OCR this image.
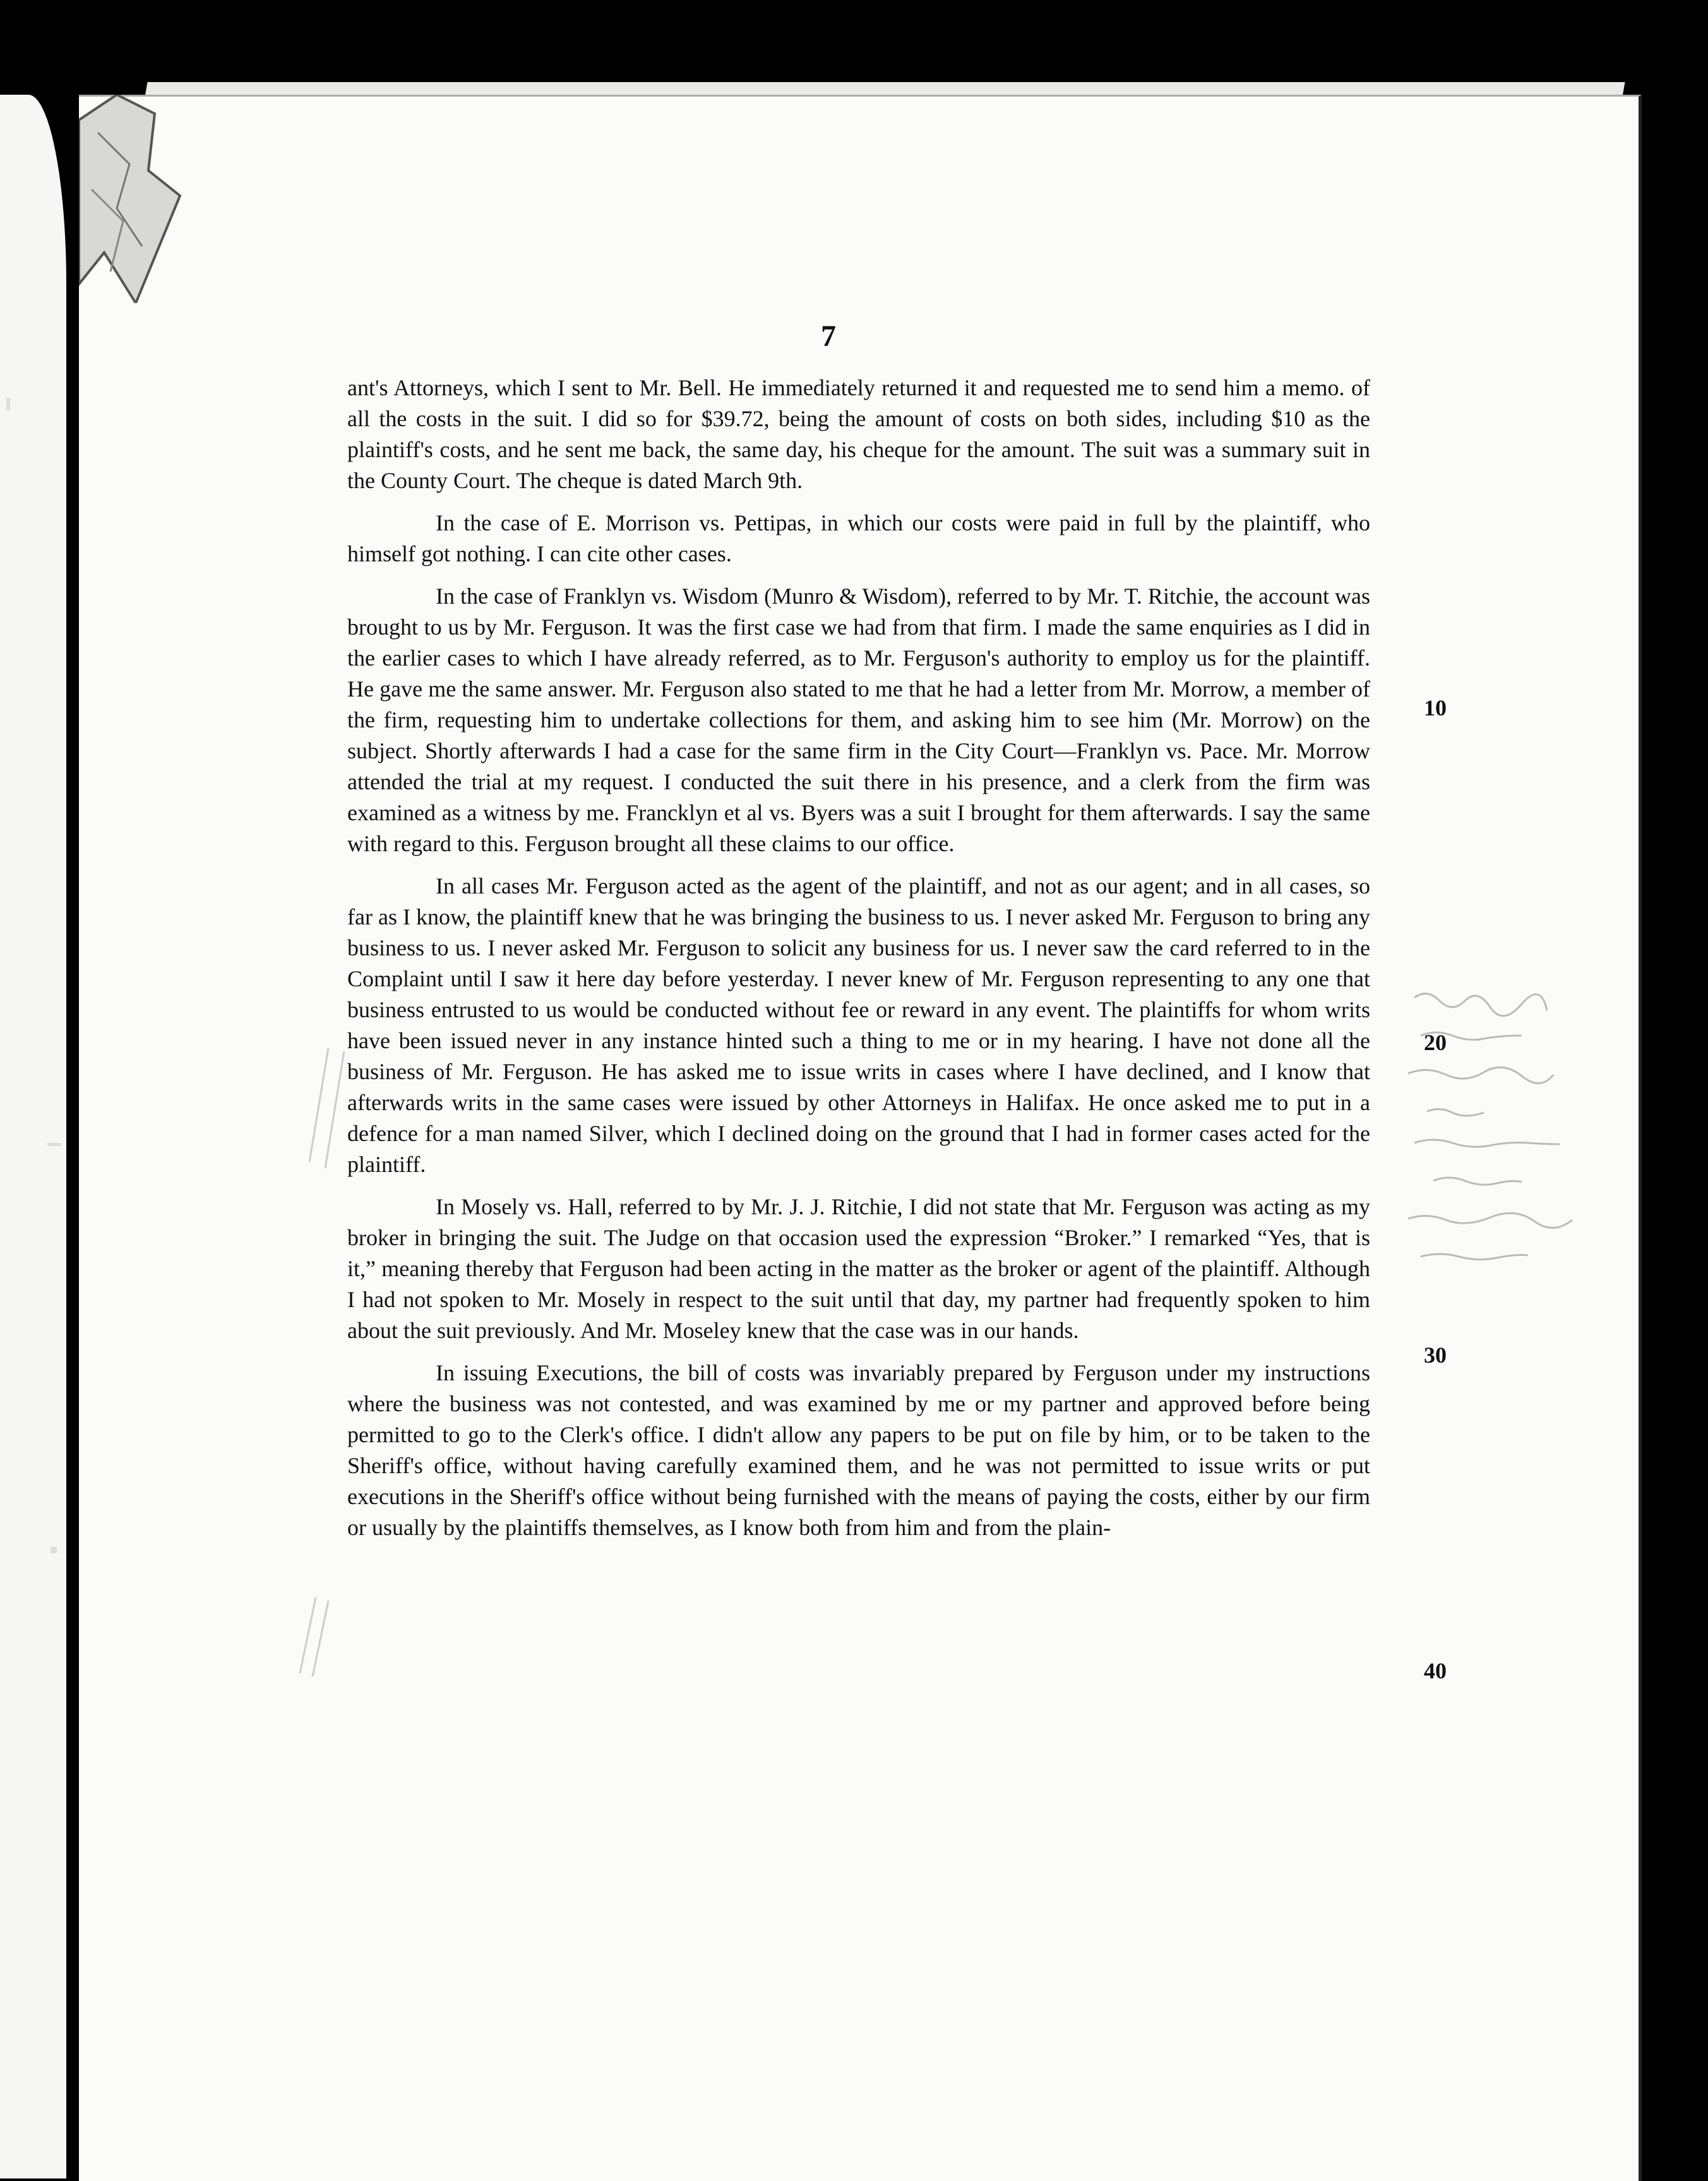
7

ant's Attorneys, which I sent to Mr. Bell. He immediately returned it and requested me to send him a memo. of all the costs in the suit. I did so for $39.72, being the amount of costs on both sides, including $10 as the plaintiff's costs, and he sent me back, the same day, his cheque for the amount. The suit was a summary suit in the County Court. The cheque is dated March 9th.

In the case of E. Morrison vs. Pettipas, in which our costs were paid in full by the plaintiff, who himself got nothing. I can cite other cases.

In the case of Franklyn vs. Wisdom (Munro & Wisdom), referred to by Mr. T. Ritchie, the account was brought to us by Mr. Ferguson. It was the first case we had from that firm. I made the same enquiries as I did in the earlier cases to which I have already referred, as to Mr. Ferguson's authority to employ us for the plaintiff. He gave me the same answer. Mr. Ferguson also stated to me that he had a letter from Mr. Morrow, a member of the firm, requesting him to undertake collections for them, and asking him to see him (Mr. Morrow) on the subject. Shortly afterwards I had a case for the same firm in the City Court—Franklyn vs. Pace. Mr. Morrow attended the trial at my request. I conducted the suit there in his presence, and a clerk from the firm was examined as a witness by me. Francklyn et al vs. Byers was a suit I brought for them afterwards. I say the same with regard to this. Ferguson brought all these claims to our office.

In all cases Mr. Ferguson acted as the agent of the plaintiff, and not as our agent; and in all cases, so far as I know, the plaintiff knew that he was bringing the business to us. I never asked Mr. Ferguson to bring any business to us. I never asked Mr. Ferguson to solicit any business for us. I never saw the card referred to in the Complaint until I saw it here day before yesterday. I never knew of Mr. Ferguson representing to any one that business entrusted to us would be conducted without fee or reward in any event. The plaintiffs for whom writs have been issued never in any instance hinted such a thing to me or in my hearing. I have not done all the business of Mr. Ferguson. He has asked me to issue writs in cases where I have declined, and I know that afterwards writs in the same cases were issued by other Attorneys in Halifax. He once asked me to put in a defence for a man named Silver, which I declined doing on the ground that I had in former cases acted for the plaintiff.

In Mosely vs. Hall, referred to by Mr. J. J. Ritchie, I did not state that Mr. Ferguson was acting as my broker in bringing the suit. The Judge on that occasion used the expression “Broker.” I remarked “Yes, that is it,” meaning thereby that Ferguson had been acting in the matter as the broker or agent of the plaintiff. Although I had not spoken to Mr. Mosely in respect to the suit until that day, my partner had frequently spoken to him about the suit previously. And Mr. Moseley knew that the case was in our hands.

In issuing Executions, the bill of costs was invariably prepared by Ferguson under my instructions where the business was not contested, and was examined by me or my partner and approved before being permitted to go to the Clerk's office. I didn't allow any papers to be put on file by him, or to be taken to the Sheriff's office, without having carefully examined them, and he was not permitted to issue writs or put executions in the Sheriff's office without being furnished with the means of paying the costs, either by our firm or usually by the plaintiffs themselves, as I know both from him and from the plain-

10
20
30
40
